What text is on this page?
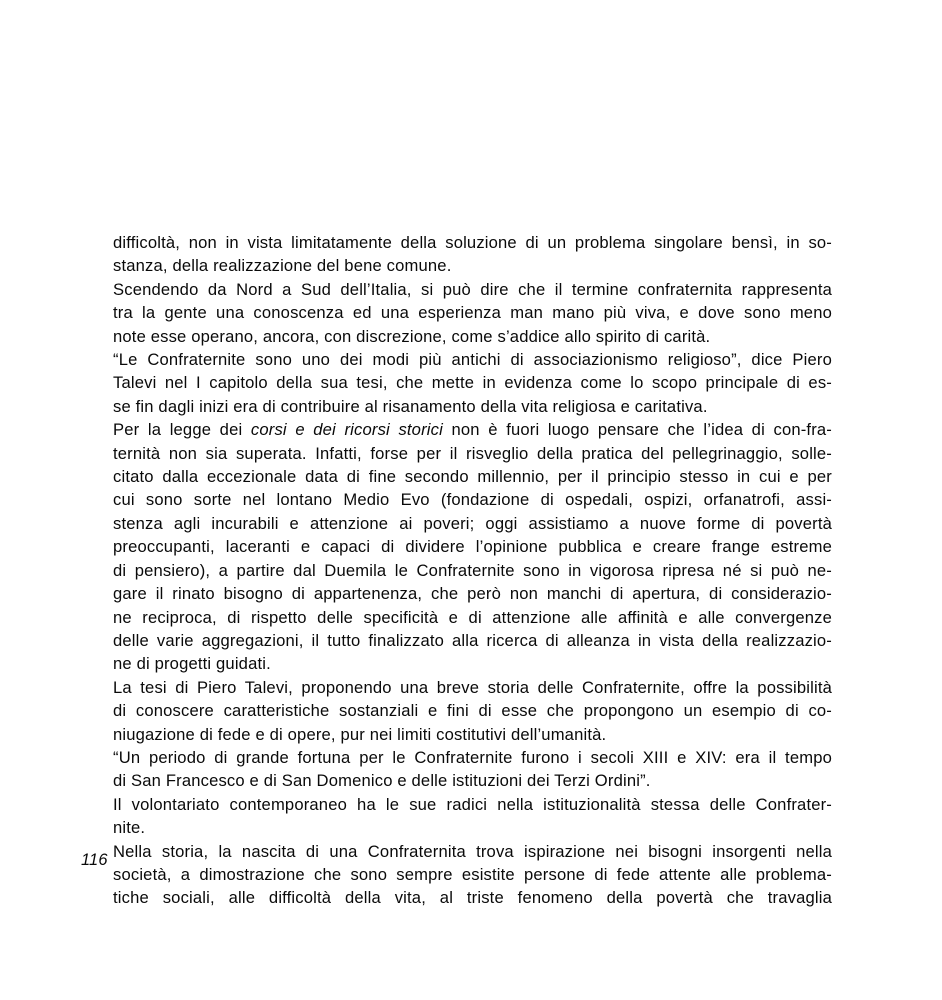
difficoltà, non in vista limitatamente della soluzione di un problema singolare bensì, in so-
stanza, della realizzazione del bene comune.
Scendendo da Nord a Sud dell’Italia, si può dire che il termine confraternita rappresenta
tra la gente una conoscenza ed una esperienza man mano più viva, e dove sono meno
note esse operano, ancora, con discrezione, come s’addice allo spirito di carità.
“Le Confraternite sono uno dei modi più antichi di associazionismo religioso”, dice Piero
Talevi nel I capitolo della sua tesi, che mette in evidenza come lo scopo principale di es-
se fin dagli inizi era di contribuire al risanamento della vita religiosa e caritativa.
Per la legge dei corsi e dei ricorsi storici non è fuori luogo pensare che l’idea di con-fra-
ternità non sia superata. Infatti, forse per il risveglio della pratica del pellegrinaggio, solle-
citato dalla eccezionale data di fine secondo millennio, per il principio stesso in cui e per
cui sono sorte nel lontano Medio Evo (fondazione di ospedali, ospizi, orfanatrofi, assi-
stenza agli incurabili e attenzione ai poveri; oggi assistiamo a nuove forme di povertà
preoccupanti, laceranti e capaci di dividere l’opinione pubblica e creare frange estreme
di pensiero), a partire dal Duemila le Confraternite sono in vigorosa ripresa né si può ne-
gare il rinato bisogno di appartenenza, che però non manchi di apertura, di considerazio-
ne reciproca, di rispetto delle specificità e di attenzione alle affinità e alle convergenze
delle varie aggregazioni, il tutto finalizzato alla ricerca di alleanza in vista della realizzazio-
ne di progetti guidati.
La tesi di Piero Talevi, proponendo una breve storia delle Confraternite, offre la possibilità
di conoscere caratteristiche sostanziali e fini di esse che propongono un esempio di co-
niugazione di fede e di opere, pur nei limiti costitutivi dell’umanità.
“Un periodo di grande fortuna per le Confraternite furono i secoli XIII e XIV: era il tempo
di San Francesco e di San Domenico e delle istituzioni dei Terzi Ordini”.
Il volontariato contemporaneo ha le sue radici nella istituzionalità stessa delle Confrater-
nite.
Nella storia, la nascita di una Confraternita trova ispirazione nei bisogni insorgenti nella
società, a dimostrazione che sono sempre esistite persone di fede attente alle problema-
tiche sociali, alle difficoltà della vita, al triste fenomeno della povertà che travaglia
116
